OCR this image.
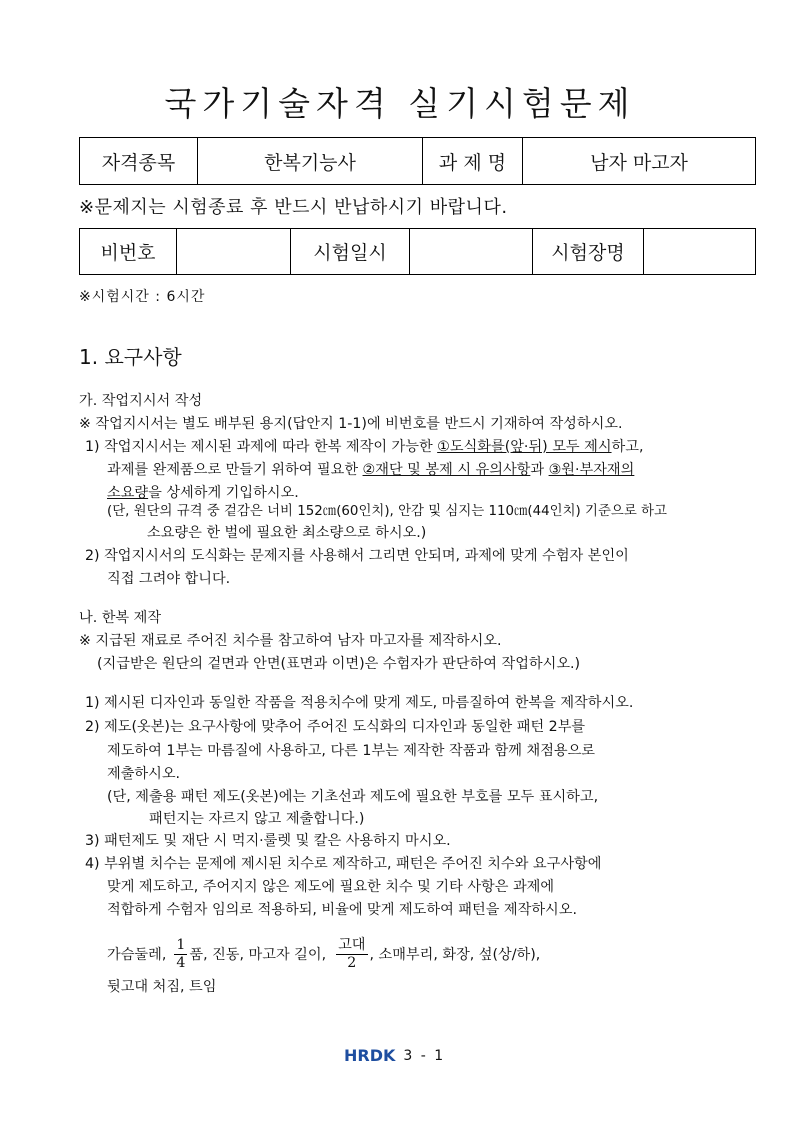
국가기술자격 실기시험문제
자격종목	한복기능사	과 제 명	남자 마고자
※문제지는 시험종료 후 반드시 반납하시기 바랍니다.
비번호		시험일시		시험장명	
※시험시간 : 6시간
1. 요구사항
가. 작업지시서 작성
※ 작업지시서는 별도 배부된 용지(답안지 1-1)에 비번호를 반드시 기재하여 작성하시오.
1) 작업지시서는 제시된 과제에 따라 한복 제작이 가능한 ①도식화를(앞·뒤) 모두 제시하고,
과제를 완제품으로 만들기 위하여 필요한 ②재단 및 봉제 시 유의사항과 ③원·부자재의
소요량을 상세하게 기입하시오.
(단, 원단의 규격 중 겉감은 너비 152㎝(60인치), 안감 및 심지는 110㎝(44인치) 기준으로 하고
소요량은 한 벌에 필요한 최소량으로 하시오.)
2) 작업지시서의 도식화는 문제지를 사용해서 그리면 안되며, 과제에 맞게 수험자 본인이
직접 그려야 합니다.
나. 한복 제작
※ 지급된 재료로 주어진 치수를 참고하여 남자 마고자를 제작하시오.
(지급받은 원단의 겉면과 안면(표면과 이면)은 수험자가 판단하여 작업하시오.)
1) 제시된 디자인과 동일한 작품을 적용치수에 맞게 제도, 마름질하여 한복을 제작하시오.
2) 제도(옷본)는 요구사항에 맞추어 주어진 도식화의 디자인과 동일한 패턴 2부를
제도하여 1부는 마름질에 사용하고, 다른 1부는 제작한 작품과 함께 채점용으로
제출하시오.
(단, 제출용 패턴 제도(옷본)에는 기초선과 제도에 필요한 부호를 모두 표시하고,
패턴지는 자르지 않고 제출합니다.)
3) 패턴제도 및 재단 시 먹지·룰렛 및 칼은 사용하지 마시오.
4) 부위별 치수는 문제에 제시된 치수로 제작하고, 패턴은 주어진 치수와 요구사항에
맞게 제도하고, 주어지지 않은 제도에 필요한 치수 및 기타 사항은 과제에
적합하게 수험자 임의로 적용하되, 비율에 맞게 제도하여 패턴을 제작하시오.
가슴둘레, $\frac{1}{4}$ 품, 진동, 마고자 길이, $\frac{\text{고대}}{2}$ , 소매부리, 화장, 섶(상/하),
뒷고대 처짐, 트임
HRDK 3 - 1
